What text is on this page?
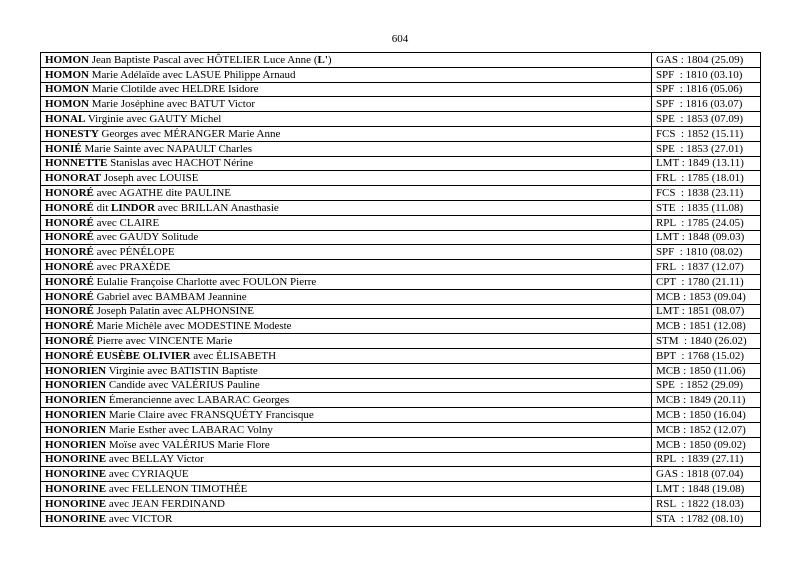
604
HOMON Jean Baptiste Pascal avec HÔTELIER Luce Anne (L')	GAS : 1804 (25.09)
HOMON Marie Adélaïde avec LASUE Philippe Arnaud	SPF  : 1810 (03.10)
HOMON Marie Clotilde avec HELDRE Isidore	SPF  : 1816 (05.06)
HOMON Marie Joséphine avec BATUT Victor	SPF  : 1816 (03.07)
HONAL Virginie avec GAUTY Michel	SPE  : 1853 (07.09)
HONESTY Georges avec MÉRANGER Marie Anne	FCS  : 1852 (15.11)
HONIÉ Marie Sainte avec NAPAULT Charles	SPE  : 1853 (27.01)
HONNETTE Stanislas avec HACHOT Nérine	LMT : 1849 (13.11)
HONORAT Joseph avec LOUISE	FRL  : 1785 (18.01)
HONORÉ avec AGATHE dite PAULINE	FCS  : 1838 (23.11)
HONORÉ dit LINDOR avec BRILLAN Anasthasie	STE  : 1835 (11.08)
HONORÉ avec CLAIRE	RPL  : 1785 (24.05)
HONORÉ avec GAUDY Solitude	LMT : 1848 (09.03)
HONORÉ avec PÉNÉLOPE	SPF  : 1810 (08.02)
HONORÉ avec PRAXÈDE	FRL  : 1837 (12.07)
HONORÉ Eulalie Françoise Charlotte avec FOULON Pierre	CPT  : 1780 (21.11)
HONORÉ Gabriel avec BAMBAM Jeannine	MCB : 1853 (09.04)
HONORÉ Joseph Palatin avec ALPHONSINE	LMT : 1851 (08.07)
HONORÉ Marie Michèle avec MODESTINE Modeste	MCB : 1851 (12.08)
HONORÉ Pierre avec VINCENTE Marie	STM  : 1840 (26.02)
HONORÉ EUSÈBE OLIVIER avec ÉLISABETH	BPT  : 1768 (15.02)
HONORIEN Virginie avec BATISTIN Baptiste	MCB : 1850 (11.06)
HONORIEN Candide avec VALÉRIUS Pauline	SPE  : 1852 (29.09)
HONORIEN Émerancienne avec LABARAC Georges	MCB : 1849 (20.11)
HONORIEN Marie Claire avec FRANSQUÉTY Francisque	MCB : 1850 (16.04)
HONORIEN Marie Esther avec LABARAC Volny	MCB : 1852 (12.07)
HONORIEN Moïse avec VALÉRIUS Marie Flore	MCB : 1850 (09.02)
HONORINE avec BELLAY Victor	RPL  : 1839 (27.11)
HONORINE avec CYRIAQUE	GAS : 1818 (07.04)
HONORINE avec FELLENON TIMOTHÉE	LMT : 1848 (19.08)
HONORINE avec JEAN FERDINAND	RSL  : 1822 (18.03)
HONORINE avec VICTOR	STA  : 1782 (08.10)
